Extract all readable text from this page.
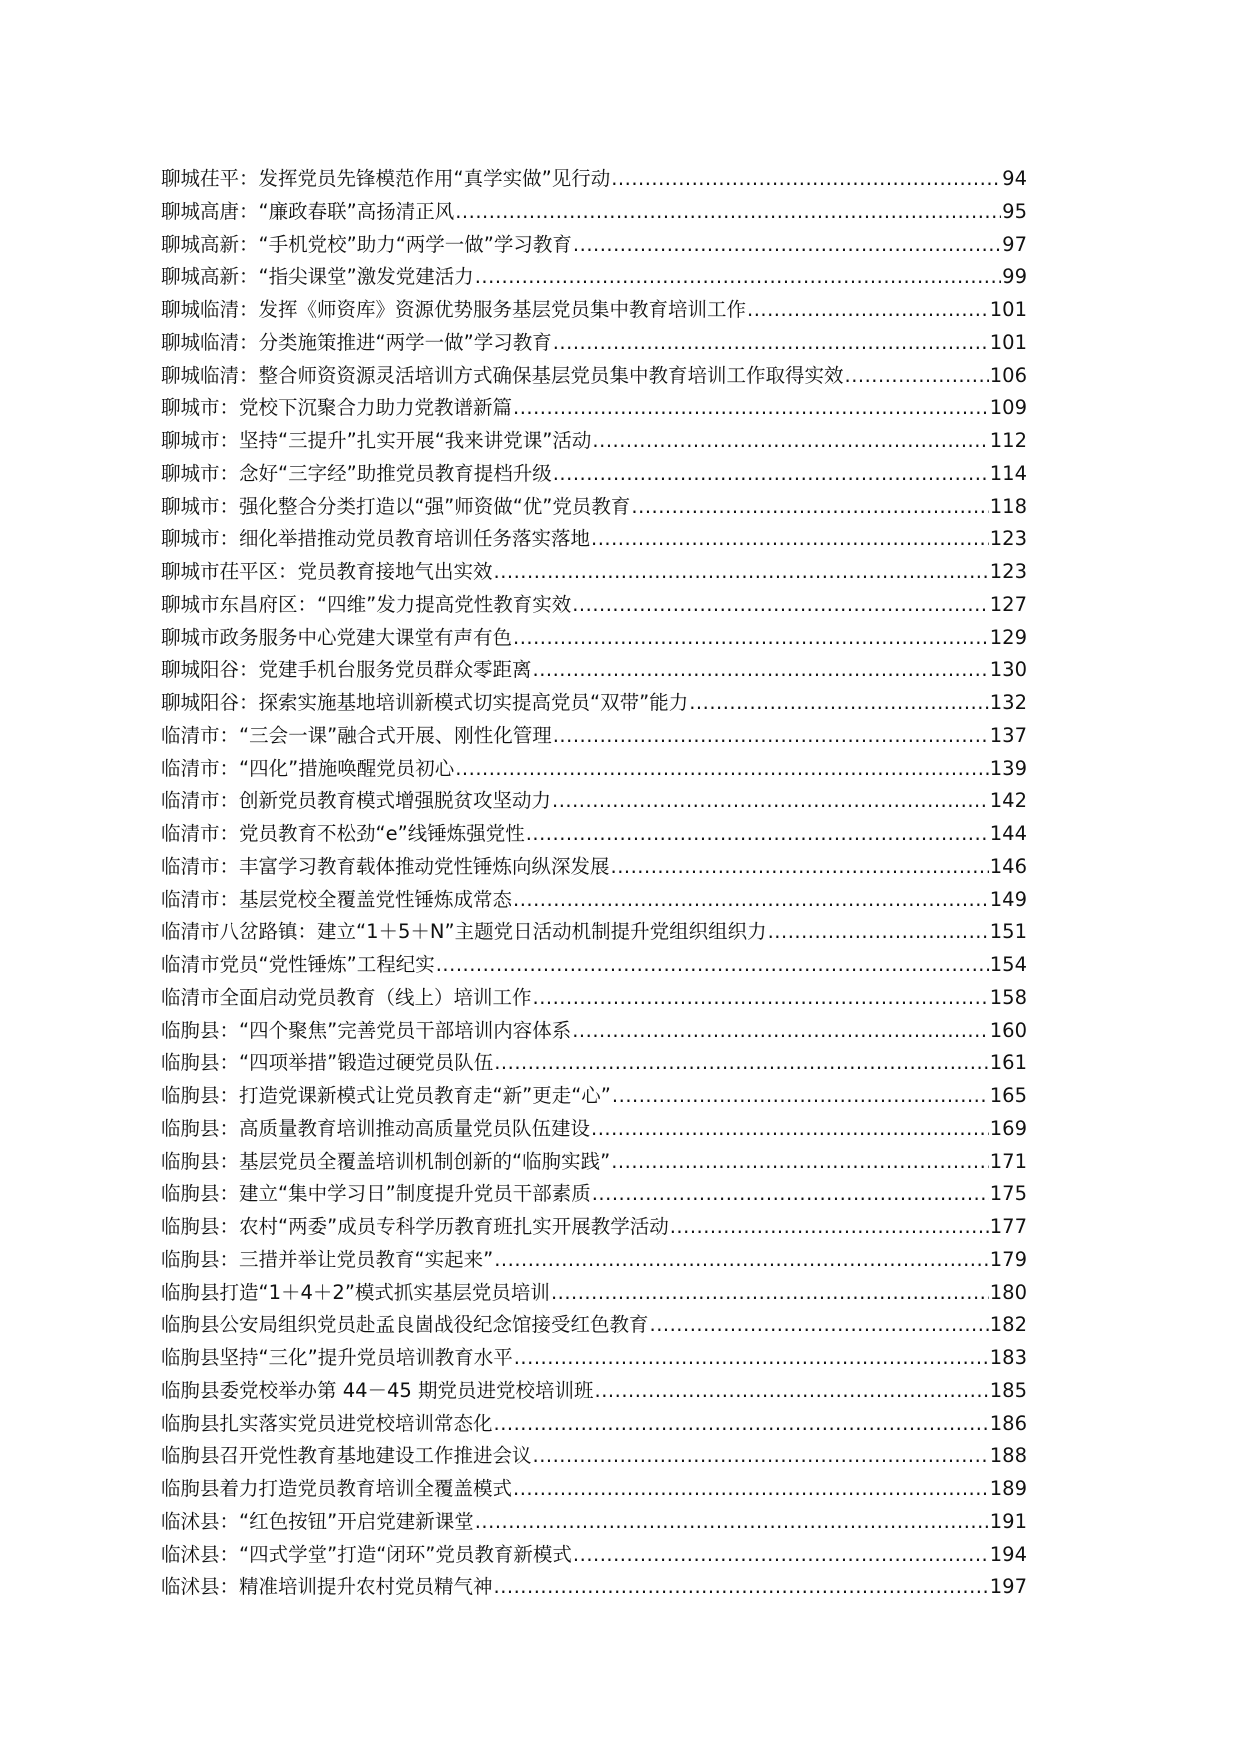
聊城茌平：发挥党员先锋模范作用“真学实做”见行动 .....	94
聊城高唐：“廉政春联”高扬清正风 .....	95
聊城高新：“手机党校”助力“两学一做”学习教育 .....	97
聊城高新：“指尖课堂”激发党建活力 .....	99
聊城临清：发挥《师资库》资源优势服务基层党员集中教育培训工作 .....	101
聊城临清：分类施策推进“两学一做”学习教育 .....	101
聊城临清：整合师资资源灵活培训方式确保基层党员集中教育培训工作取得实效 .....	106
聊城市：党校下沉聚合力助力党教谱新篇 .....	109
聊城市：坚持“三提升”扎实开展“我来讲党课”活动 .....	112
聊城市：念好“三字经”助推党员教育提档升级 .....	114
聊城市：强化整合分类打造以“强”师资做“优”党员教育 .....	118
聊城市：细化举措推动党员教育培训任务落实落地 .....	123
聊城市茌平区：党员教育接地气出实效 .....	123
聊城市东昌府区：“四维”发力提高党性教育实效 .....	127
聊城市政务服务中心党建大课堂有声有色 .....	129
聊城阳谷：党建手机台服务党员群众零距离 .....	130
聊城阳谷：探索实施基地培训新模式切实提高党员“双带”能力 .....	132
临清市：“三会一课”融合式开展、刚性化管理 .....	137
临清市：“四化”措施唤醒党员初心 .....	139
临清市：创新党员教育模式增强脱贫攻坚动力 .....	142
临清市：党员教育不松劲“e”线锤炼强党性 .....	144
临清市：丰富学习教育载体推动党性锤炼向纵深发展 .....	146
临清市：基层党校全覆盖党性锤炼成常态 .....	149
临清市八岔路镇：建立“1＋5＋N”主题党日活动机制提升党组织组织力 .....	151
临清市党员“党性锤炼”工程纪实 .....	154
临清市全面启动党员教育（线上）培训工作 .....	158
临朐县：“四个聚焦”完善党员干部培训内容体系 .....	160
临朐县：“四项举措”锻造过硬党员队伍 .....	161
临朐县：打造党课新模式让党员教育走“新”更走“心” .....	165
临朐县：高质量教育培训推动高质量党员队伍建设 .....	169
临朐县：基层党员全覆盖培训机制创新的“临朐实践” .....	171
临朐县：建立“集中学习日”制度提升党员干部素质 .....	175
临朐县：农村“两委”成员专科学历教育班扎实开展教学活动 .....	177
临朐县：三措并举让党员教育“实起来” .....	179
临朐县打造“1＋4＋2”模式抓实基层党员培训 .....	180
临朐县公安局组织党员赴孟良崮战役纪念馆接受红色教育 .....	182
临朐县坚持“三化”提升党员培训教育水平 .....	183
临朐县委党校举办第 44－45 期党员进党校培训班 .....	185
临朐县扎实落实党员进党校培训常态化 .....	186
临朐县召开党性教育基地建设工作推进会议 .....	188
临朐县着力打造党员教育培训全覆盖模式 .....	189
临沭县：“红色按钮”开启党建新课堂 .....	191
临沭县：“四式学堂”打造“闭环”党员教育新模式 .....	194
临沭县：精准培训提升农村党员精气神 .....	197
